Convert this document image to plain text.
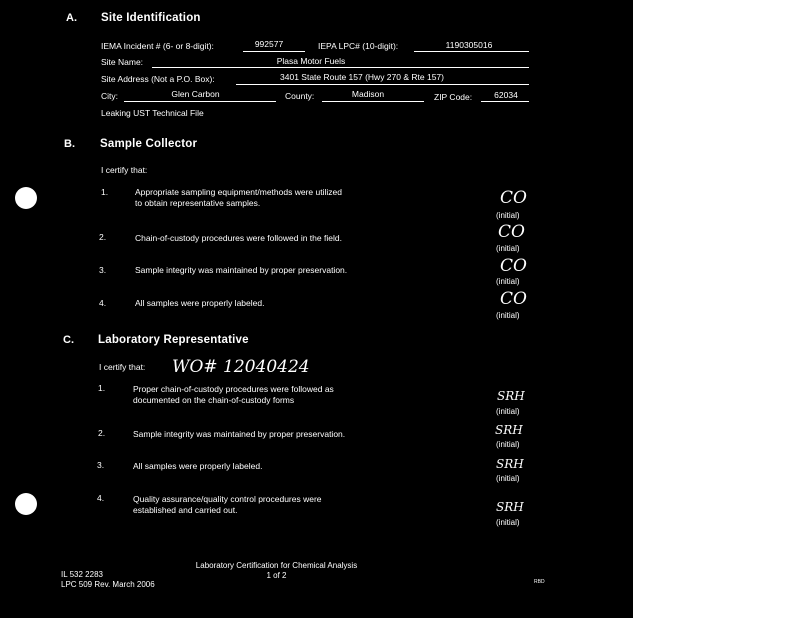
A. Site Identification
IEMA Incident # (6- or 8-digit):	992577	IEPA LPC# (10-digit):	1190305016
Site Name:	Plasa Motor Fuels
Site Address (Not a P.O. Box):	3401 State Route 157 (Hwy 270 & Rte 157)
City:	Glen Carbon	County:	Madison	ZIP Code:	62034
Leaking UST Technical File
B. Sample Collector
I certify that:
1.	Appropriate sampling equipment/methods were utilized
to obtain representative samples.	CO
(initial)
2.	Chain-of-custody procedures were followed in the field.	CO
(initial)
3.	Sample integrity was maintained by proper preservation.	CO
(initial)
4.	All samples were properly labeled.	CO
(initial)
C. Laboratory Representative
I certify that: WO# 12040424
1.	Proper chain-of-custody procedures were followed as
documented on the chain-of-custody forms	SRH
(initial)
2.	Sample integrity was maintained by proper preservation.	SRH
(initial)
3.	All samples were properly labeled.	SRH
(initial)
4.	Quality assurance/quality control procedures were
established and carried out.	SRH
(initial)
Laboratory Certification for Chemical Analysis
1 of 2
IL 532 2283
LPC 509 Rev. March 2006	RBD
